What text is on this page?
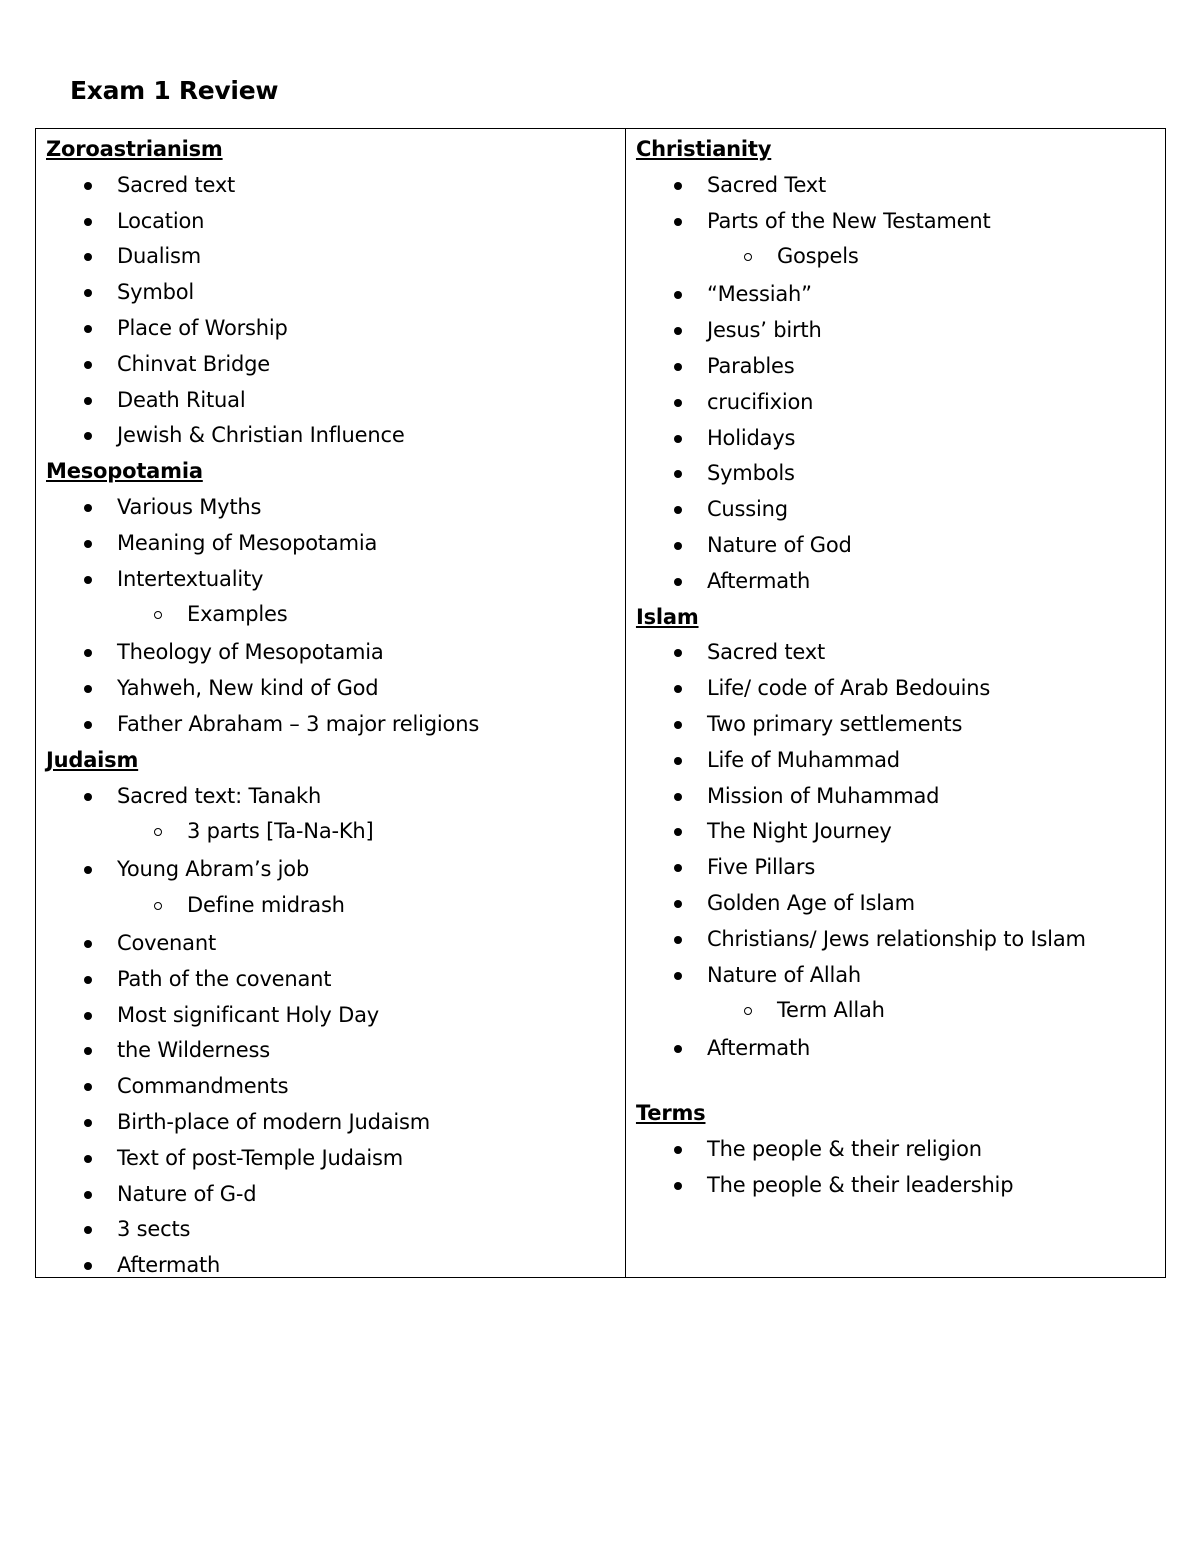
Exam 1 Review
Zoroastrianism
Sacred text
Location
Dualism
Symbol
Place of Worship
Chinvat Bridge
Death Ritual
Jewish & Christian Influence
Mesopotamia
Various Myths
Meaning of Mesopotamia
Intertextuality
Examples
Theology of Mesopotamia
Yahweh, New kind of God
Father Abraham – 3 major religions
Judaism
Sacred text: Tanakh
3 parts [Ta-Na-Kh]
Young Abram’s job
Define midrash
Covenant
Path of the covenant
Most significant Holy Day
the Wilderness
Commandments
Birth-place of modern Judaism
Text of post-Temple Judaism
Nature of G-d
3 sects
Aftermath
Christianity
Sacred Text
Parts of the New Testament
Gospels
“Messiah”
Jesus’ birth
Parables
crucifixion
Holidays
Symbols
Cussing
Nature of God
Aftermath
Islam
Sacred text
Life/ code of Arab Bedouins
Two primary settlements
Life of Muhammad
Mission of Muhammad
The Night Journey
Five Pillars
Golden Age of Islam
Christians/ Jews relationship to Islam
Nature of Allah
Term Allah
Aftermath
Terms
The people & their religion
The people & their leadership
